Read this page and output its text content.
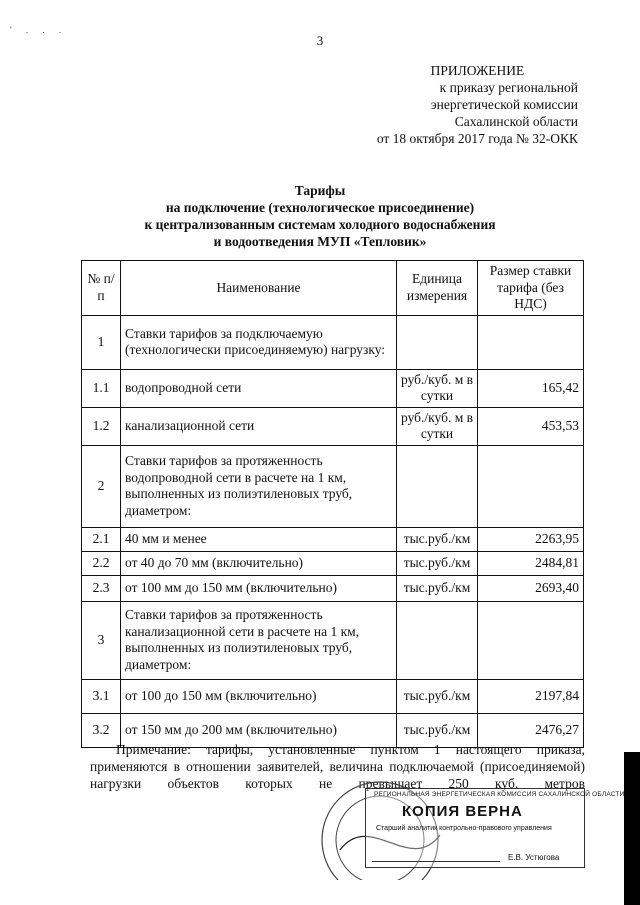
' . . .
3
ПРИЛОЖЕНИЕ
к приказу региональной
энергетической комиссии
Сахалинской области
от 18 октября 2017 года № 32-ОКК
Тарифы
на подключение (технологическое присоединение)
к централизованным системам холодного водоснабжения
и водоотведения МУП «Тепловик»
№ п/п	Наименование	Единица измерения	Размер ставки тарифа (без НДС)
1	Ставки тарифов за подключаемую (технологически присоединяемую) нагрузку:		
1.1	водопроводной сети	руб./куб. м в сутки	165,42
1.2	канализационной сети	руб./куб. м в сутки	453,53
2	Ставки тарифов за протяженность водопроводной сети в расчете на 1 км, выполненных из полиэтиленовых труб, диаметром:		
2.1	40 мм и менее	тыс.руб./км	2263,95
2.2	от 40 до 70 мм (включительно)	тыс.руб./км	2484,81
2.3	от 100 мм до 150 мм (включительно)	тыс.руб./км	2693,40
3	Ставки тарифов за протяженность канализационной сети в расчете на 1 км, выполненных из полиэтиленовых труб, диаметром:		
3.1	от 100 до 150 мм (включительно)	тыс.руб./км	2197,84
3.2	от 150 мм до 200 мм (включительно)	тыс.руб./км	2476,27

Примечание: тарифы, установленные пунктом 1 настоящего приказа, применяются в отношении заявителей, величина подключаемой (присоединяемой) нагрузки объектов которых не превышает 250 куб. метров

РЕГИОНАЛЬНАЯ ЭНЕРГЕТИЧЕСКАЯ КОМИССИЯ САХАЛИНСКОЙ ОБЛАСТИ
КОПИЯ ВЕРНА
Старший аналитик контрольно-правового управления
Е.В. Устюгова
